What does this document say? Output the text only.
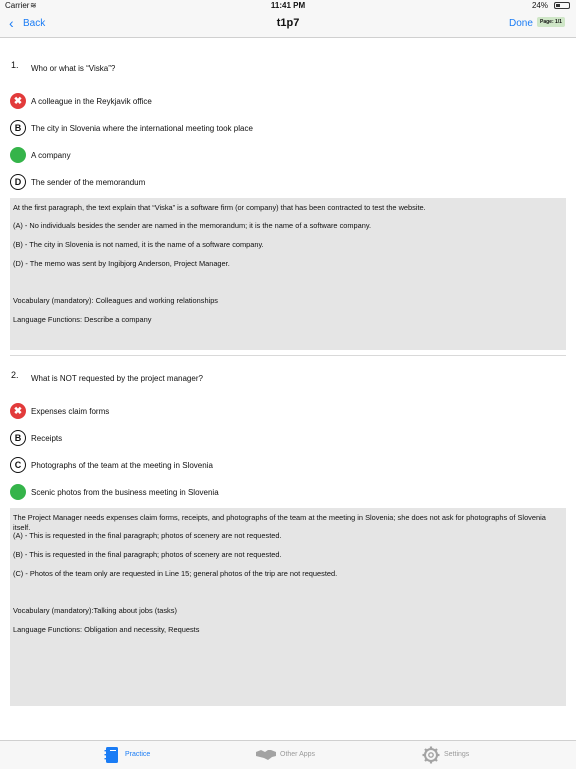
Carrier ≋	11:41 PM	24%
‹ Back	t1p7	Done	Page: 1/1
1. Who or what is “Viska”?
✖	A colleague in the Reykjavik office
B	The city in Slovenia where the international meeting took place
A company
D	The sender of the memorandum

At the first paragraph, the text explain that “Viska” is a software firm (or company) that has been contracted to test the website.

(A) - No individuals besides the sender are named in the memorandum; it is the name of a software company.

(B) - The city in Slovenia is not named, it is the name of a software company.

(D) - The memo was sent by Ingibjorg Anderson, Project Manager.

Vocabulary (mandatory): Colleagues and working relationships

Language Functions: Describe a company

2. What is NOT requested by the project manager?
✖	Expenses claim forms
B	Receipts
C	Photographs of the team at the meeting in Slovenia
Scenic photos from the business meeting in Slovenia

The Project Manager needs expenses claim forms, receipts, and photographs of the team at the meeting in Slovenia; she does not ask for photographs of Slovenia itself.

(A) - This is requested in the final paragraph; photos of scenery are not requested.

(B) - This is requested in the final paragraph; photos of scenery are not requested.

(C) - Photos of the team only are requested in Line 15; general photos of the trip are not requested.

Vocabulary (mandatory):Talking about jobs (tasks)

Language Functions: Obligation and necessity, Requests

Practice	Other Apps	Settings
